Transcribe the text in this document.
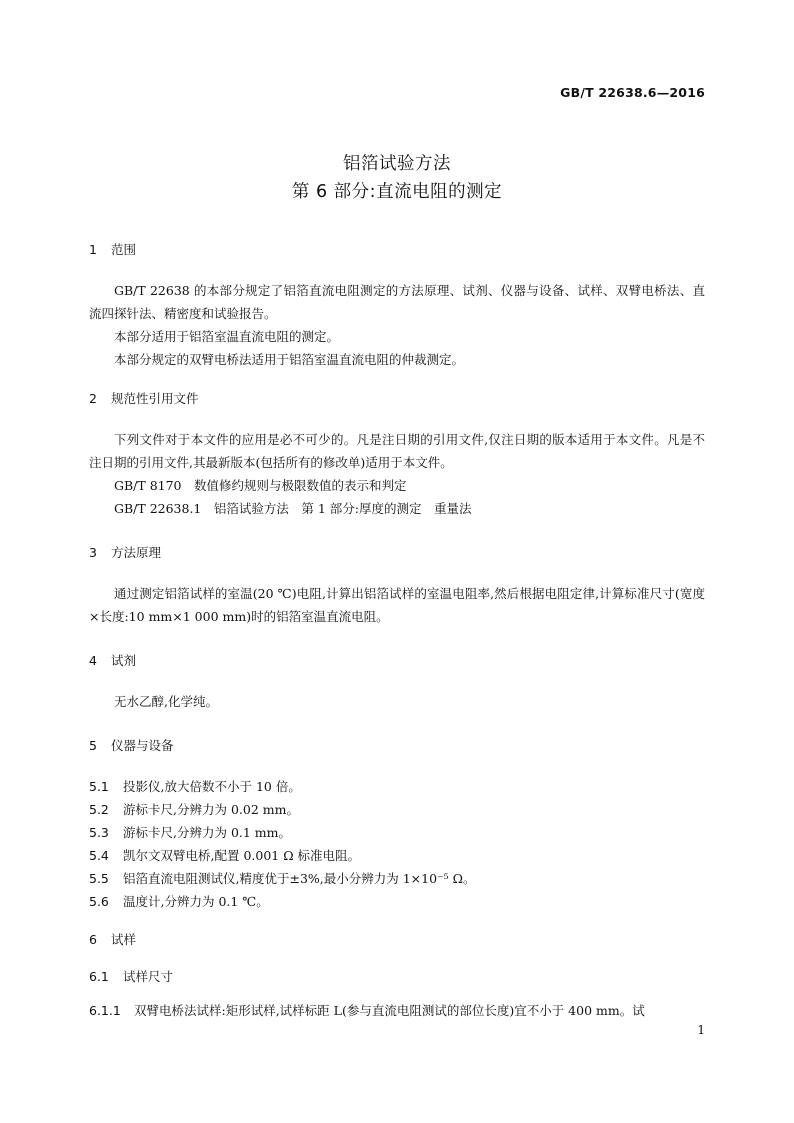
GB/T 22638.6—2016
铝箔试验方法
第 6 部分:直流电阻的测定
1	范围
GB/T 22638 的本部分规定了铝箔直流电阻测定的方法原理、试剂、仪器与设备、试样、双臂电桥法、直流四探针法、精密度和试验报告。
本部分适用于铝箔室温直流电阻的测定。
本部分规定的双臂电桥法适用于铝箔室温直流电阻的仲裁测定。
2	规范性引用文件
下列文件对于本文件的应用是必不可少的。凡是注日期的引用文件,仅注日期的版本适用于本文件。凡是不注日期的引用文件,其最新版本(包括所有的修改单)适用于本文件。
GB/T 8170　数值修约规则与极限数值的表示和判定
GB/T 22638.1　铝箔试验方法　第 1 部分:厚度的测定　重量法
3	方法原理
通过测定铝箔试样的室温(20 ℃)电阻,计算出铝箔试样的室温电阻率,然后根据电阻定律,计算标准尺寸(宽度×长度:10 mm×1 000 mm)时的铝箔室温直流电阻。
4	试剂
无水乙醇,化学纯。
5	仪器与设备
5.1	投影仪,放大倍数不小于 10 倍。
5.2	游标卡尺,分辨力为 0.02 mm。
5.3	游标卡尺,分辨力为 0.1 mm。
5.4	凯尔文双臂电桥,配置 0.001 Ω 标准电阻。
5.5	铝箔直流电阻测试仪,精度优于±3%,最小分辨力为 1×10⁻⁵ Ω。
5.6	温度计,分辨力为 0.1 ℃。
6	试样
6.1	试样尺寸
6.1.1	双臂电桥法试样:矩形试样,试样标距 L(参与直流电阻测试的部位长度)宜不小于 400 mm。试
1
